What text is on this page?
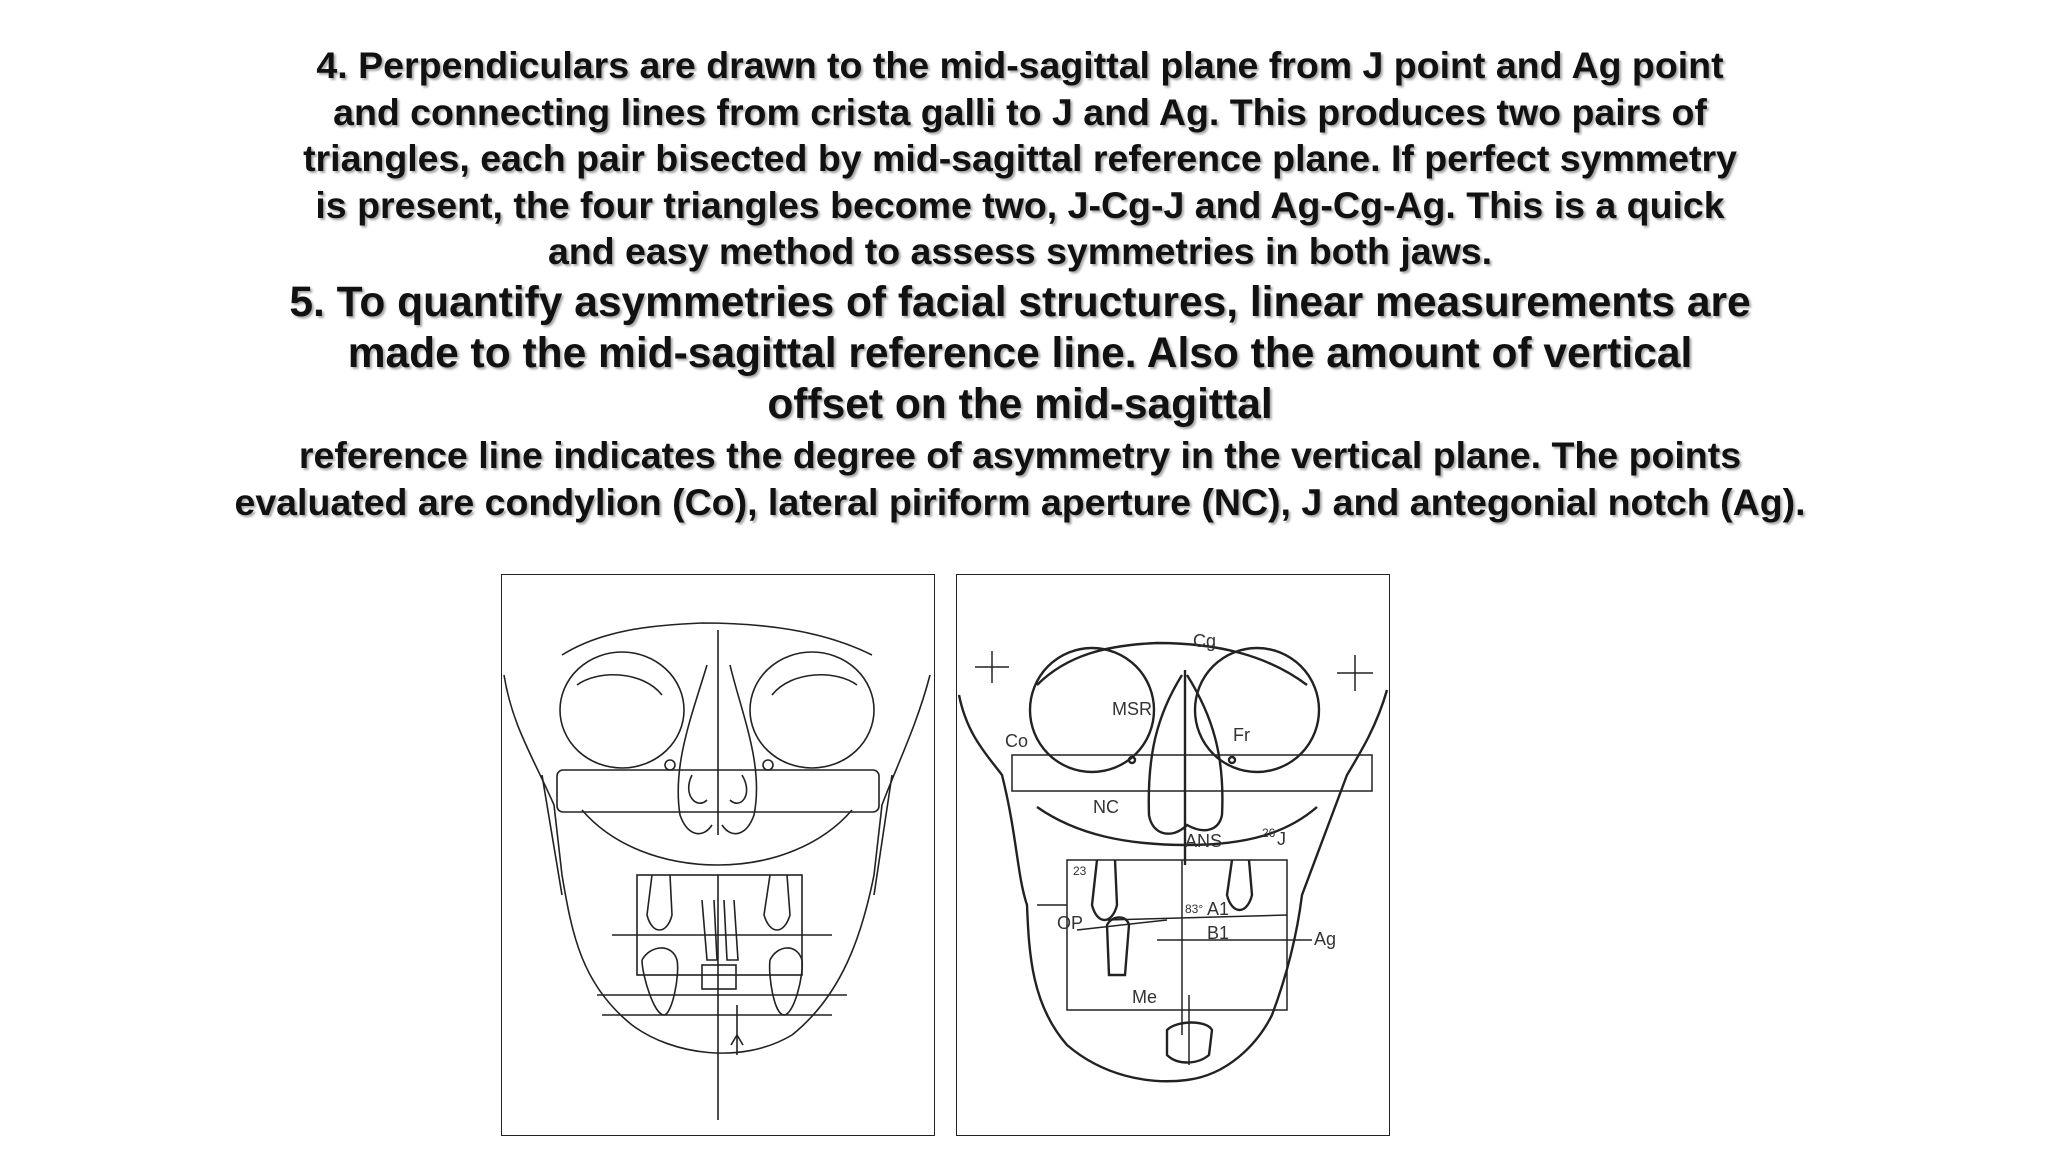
4. Perpendiculars are drawn to the mid-sagittal plane from J point and Ag point

and connecting lines from crista galli to J and Ag. This produces two pairs of

triangles, each pair bisected by mid-sagittal reference plane. If perfect symmetry

is present, the four triangles become two, J-Cg-J and Ag-Cg-Ag. This is a quick

and easy method to assess symmetries in both jaws.

5. To quantify asymmetries of facial structures, linear measurements are

made to the mid-sagittal reference line. Also the amount of vertical

offset on the mid-sagittal

reference line indicates the degree of asymmetry in the vertical plane. The points

evaluated are condylion (Co), lateral piriform aperture (NC), J and antegonial notch (Ag).

Cg
MSR
Fr
Co
NC
ANS	J
26
23
OP
83° A1
B1	Ag
Me
